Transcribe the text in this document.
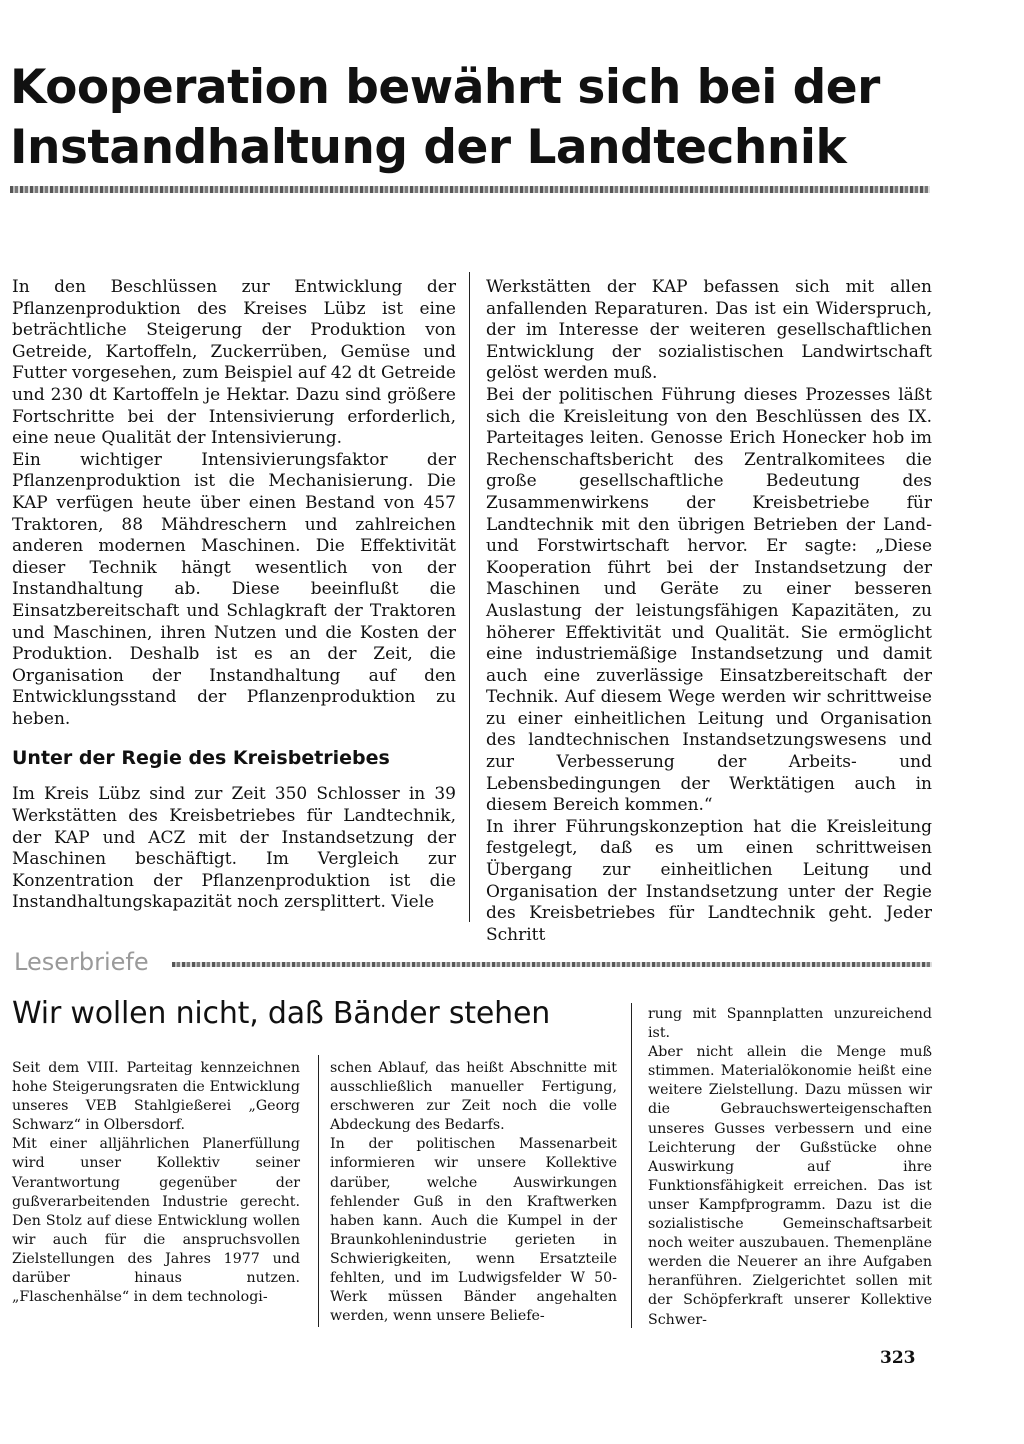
Kooperation bewährt sich bei der Instandhaltung der Landtechnik

In den Beschlüssen zur Entwicklung der Pflanzenproduktion des Kreises Lübz ist eine beträchtliche Steigerung der Produktion von Getreide, Kartoffeln, Zuckerrüben, Gemüse und Futter vorgesehen, zum Beispiel auf 42 dt Getreide und 230 dt Kartoffeln je Hektar. Dazu sind größere Fortschritte bei der Intensivierung erforderlich, eine neue Qualität der Intensivierung.

Ein wichtiger Intensivierungsfaktor der Pflanzenproduktion ist die Mechanisierung. Die KAP verfügen heute über einen Bestand von 457 Traktoren, 88 Mähdreschern und zahlreichen anderen modernen Maschinen. Die Effektivität dieser Technik hängt wesentlich von der Instandhaltung ab. Diese beeinflußt die Einsatzbereitschaft und Schlagkraft der Traktoren und Maschinen, ihren Nutzen und die Kosten der Produktion. Deshalb ist es an der Zeit, die Organisation der Instandhaltung auf den Entwicklungsstand der Pflanzenproduktion zu heben.

Unter der Regie des Kreisbetriebes

Im Kreis Lübz sind zur Zeit 350 Schlosser in 39 Werkstätten des Kreisbetriebes für Landtechnik, der KAP und ACZ mit der Instandsetzung der Maschinen beschäftigt. Im Vergleich zur Konzentration der Pflanzenproduktion ist die Instandhaltungskapazität noch zersplittert. Viele

Werkstätten der KAP befassen sich mit allen anfallenden Reparaturen. Das ist ein Widerspruch, der im Interesse der weiteren gesellschaftlichen Entwicklung der sozialistischen Landwirtschaft gelöst werden muß.

Bei der politischen Führung dieses Prozesses läßt sich die Kreisleitung von den Beschlüssen des IX. Parteitages leiten. Genosse Erich Honecker hob im Rechenschaftsbericht des Zentralkomitees die große gesellschaftliche Bedeutung des Zusammenwirkens der Kreisbetriebe für Landtechnik mit den übrigen Betrieben der Land- und Forstwirtschaft hervor. Er sagte: „Diese Kooperation führt bei der Instandsetzung der Maschinen und Geräte zu einer besseren Auslastung der leistungsfähigen Kapazitäten, zu höherer Effektivität und Qualität. Sie ermöglicht eine industriemäßige Instandsetzung und damit auch eine zuverlässige Einsatzbereitschaft der Technik. Auf diesem Wege werden wir schrittweise zu einer einheitlichen Leitung und Organisation des landtechnischen Instandsetzungswesens und zur Verbesserung der Arbeits- und Lebensbedingungen der Werktätigen auch in diesem Bereich kommen.“

In ihrer Führungskonzeption hat die Kreisleitung festgelegt, daß es um einen schrittweisen Übergang zur einheitlichen Leitung und Organisation der Instandsetzung unter der Regie des Kreisbetriebes für Landtechnik geht. Jeder Schritt

Leserbriefe
Wir wollen nicht, daß Bänder stehen

Seit dem VIII. Parteitag kennzeichnen hohe Steigerungsraten die Entwicklung unseres VEB Stahlgießerei „Georg Schwarz“ in Olbersdorf.

Mit einer alljährlichen Planerfüllung wird unser Kollektiv seiner Verantwortung gegenüber der gußverarbeitenden Industrie gerecht. Den Stolz auf diese Entwicklung wollen wir auch für die anspruchsvollen Zielstellungen des Jahres 1977 und darüber hinaus nutzen. „Flaschenhälse“ in dem technologi-

schen Ablauf, das heißt Abschnitte mit ausschließlich manueller Fertigung, erschweren zur Zeit noch die volle Abdeckung des Bedarfs.

In der politischen Massenarbeit informieren wir unsere Kollektive darüber, welche Auswirkungen fehlender Guß in den Kraftwerken haben kann. Auch die Kumpel in der Braunkohlenindustrie gerieten in Schwierigkeiten, wenn Ersatzteile fehlten, und im Ludwigsfelder W 50-Werk müssen Bänder angehalten werden, wenn unsere Beliefe-

rung mit Spannplatten unzureichend ist.

Aber nicht allein die Menge muß stimmen. Materialökonomie heißt eine weitere Zielstellung. Dazu müssen wir die Gebrauchswerteigenschaften unseres Gusses verbessern und eine Leichterung der Gußstücke ohne Auswirkung auf ihre Funktionsfähigkeit erreichen. Das ist unser Kampfprogramm. Dazu ist die sozialistische Gemeinschaftsarbeit noch weiter auszubauen. Themenpläne werden die Neuerer an ihre Aufgaben heranführen. Zielgerichtet sollen mit der Schöpferkraft unserer Kollektive Schwer-

323
